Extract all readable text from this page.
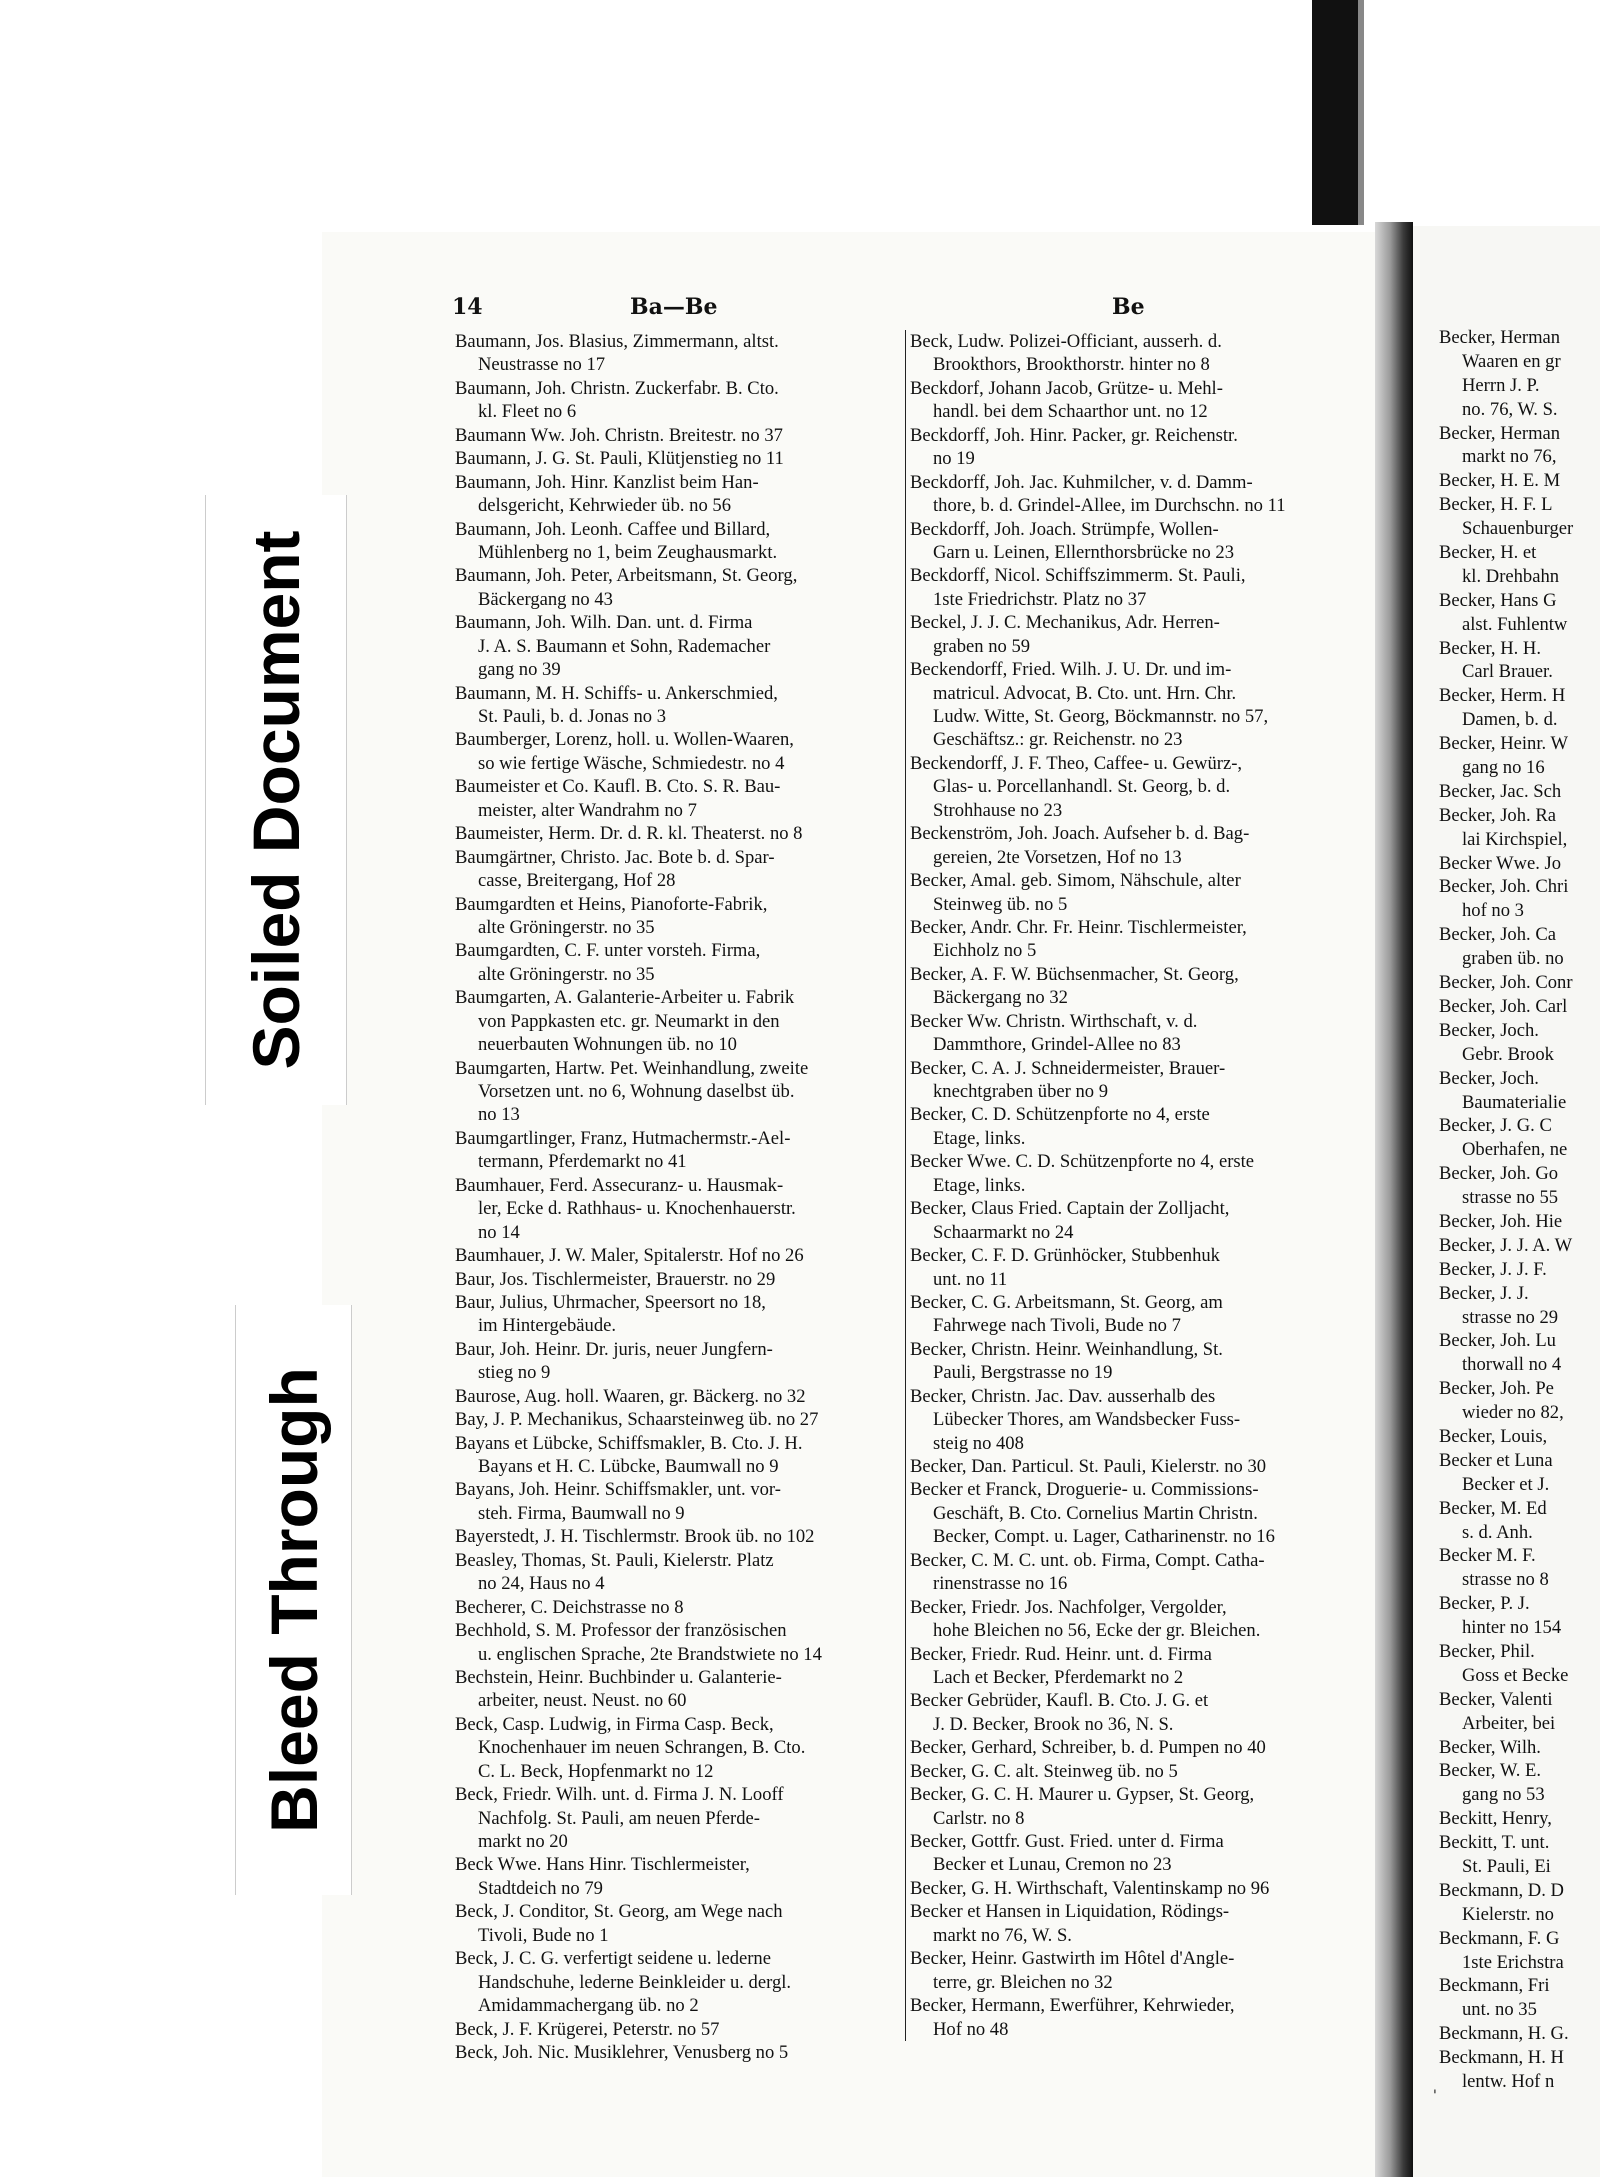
14	Ba—Be	Be
Baumann, Jos. Blasius, Zimmermann, altst.
Neustrasse no 17
Baumann, Joh. Christn. Zuckerfabr. B. Cto.
kl. Fleet no 6
Baumann Ww. Joh. Christn. Breitestr. no 37
Baumann, J. G. St. Pauli, Klütjenstieg no 11
Baumann, Joh. Hinr. Kanzlist beim Han-
delsgericht, Kehrwieder üb. no 56
Baumann, Joh. Leonh. Caffee und Billard,
Mühlenberg no 1, beim Zeughausmarkt.
Baumann, Joh. Peter, Arbeitsmann, St. Georg,
Bäckergang no 43
Baumann, Joh. Wilh. Dan. unt. d. Firma
J. A. S. Baumann et Sohn, Rademacher
gang no 39
Baumann, M. H. Schiffs- u. Ankerschmied,
St. Pauli, b. d. Jonas no 3
Baumberger, Lorenz, holl. u. Wollen-Waaren,
so wie fertige Wäsche, Schmiedestr. no 4
Baumeister et Co. Kaufl. B. Cto. S. R. Bau-
meister, alter Wandrahm no 7
Baumeister, Herm. Dr. d. R. kl. Theaterst. no 8
Baumgärtner, Christo. Jac. Bote b. d. Spar-
casse, Breitergang, Hof 28
Baumgardten et Heins, Pianoforte-Fabrik,
alte Gröningerstr. no 35
Baumgardten, C. F. unter vorsteh. Firma,
alte Gröningerstr. no 35
Baumgarten, A. Galanterie-Arbeiter u. Fabrik
von Pappkasten etc. gr. Neumarkt in den
neuerbauten Wohnungen üb. no 10
Baumgarten, Hartw. Pet. Weinhandlung, zweite
Vorsetzen unt. no 6, Wohnung daselbst üb.
no 13
Baumgartlinger, Franz, Hutmachermstr.-Ael-
termann, Pferdemarkt no 41
Baumhauer, Ferd. Assecuranz- u. Hausmak-
ler, Ecke d. Rathhaus- u. Knochenhauerstr.
no 14
Baumhauer, J. W. Maler, Spitalerstr. Hof no 26
Baur, Jos. Tischlermeister, Brauerstr. no 29
Baur, Julius, Uhrmacher, Speersort no 18,
im Hintergebäude.
Baur, Joh. Heinr. Dr. juris, neuer Jungfern-
stieg no 9
Baurose, Aug. holl. Waaren, gr. Bäckerg. no 32
Bay, J. P. Mechanikus, Schaarsteinweg üb. no 27
Bayans et Lübcke, Schiffsmakler, B. Cto. J. H.
Bayans et H. C. Lübcke, Baumwall no 9
Bayans, Joh. Heinr. Schiffsmakler, unt. vor-
steh. Firma, Baumwall no 9
Bayerstedt, J. H. Tischlermstr. Brook üb. no 102
Beasley, Thomas, St. Pauli, Kielerstr. Platz
no 24, Haus no 4
Becherer, C. Deichstrasse no 8
Bechhold, S. M. Professor der französischen
u. englischen Sprache, 2te Brandstwiete no 14
Bechstein, Heinr. Buchbinder u. Galanterie-
arbeiter, neust. Neust. no 60
Beck, Casp. Ludwig, in Firma Casp. Beck,
Knochenhauer im neuen Schrangen, B. Cto.
C. L. Beck, Hopfenmarkt no 12
Beck, Friedr. Wilh. unt. d. Firma J. N. Looff
Nachfolg. St. Pauli, am neuen Pferde-
markt no 20
Beck Wwe. Hans Hinr. Tischlermeister,
Stadtdeich no 79
Beck, J. Conditor, St. Georg, am Wege nach
Tivoli, Bude no 1
Beck, J. C. G. verfertigt seidene u. lederne
Handschuhe, lederne Beinkleider u. dergl.
Amidammachergang üb. no 2
Beck, J. F. Krügerei, Peterstr. no 57
Beck, Joh. Nic. Musiklehrer, Venusberg no 5
Beck, Ludw. Polizei-Officiant, ausserh. d.
Brookthors, Brookthorstr. hinter no 8
Beckdorf, Johann Jacob, Grütze- u. Mehl-
handl. bei dem Schaarthor unt. no 12
Beckdorff, Joh. Hinr. Packer, gr. Reichenstr.
no 19
Beckdorff, Joh. Jac. Kuhmilcher, v. d. Damm-
thore, b. d. Grindel-Allee, im Durchschn. no 11
Beckdorff, Joh. Joach. Strümpfe, Wollen-
Garn u. Leinen, Ellernthorsbrücke no 23
Beckdorff, Nicol. Schiffszimmerm. St. Pauli,
1ste Friedrichstr. Platz no 37
Beckel, J. J. C. Mechanikus, Adr. Herren-
graben no 59
Beckendorff, Fried. Wilh. J. U. Dr. und im-
matricul. Advocat, B. Cto. unt. Hrn. Chr.
Ludw. Witte, St. Georg, Böckmannstr. no 57,
Geschäftsz.: gr. Reichenstr. no 23
Beckendorff, J. F. Theo, Caffee- u. Gewürz-,
Glas- u. Porcellanhandl. St. Georg, b. d.
Strohhause no 23
Beckenström, Joh. Joach. Aufseher b. d. Bag-
gereien, 2te Vorsetzen, Hof no 13
Becker, Amal. geb. Simom, Nähschule, alter
Steinweg üb. no 5
Becker, Andr. Chr. Fr. Heinr. Tischlermeister,
Eichholz no 5
Becker, A. F. W. Büchsenmacher, St. Georg,
Bäckergang no 32
Becker Ww. Christn. Wirthschaft, v. d.
Dammthore, Grindel-Allee no 83
Becker, C. A. J. Schneidermeister, Brauer-
knechtgraben über no 9
Becker, C. D. Schützenpforte no 4, erste
Etage, links.
Becker Wwe. C. D. Schützenpforte no 4, erste
Etage, links.
Becker, Claus Fried. Captain der Zolljacht,
Schaarmarkt no 24
Becker, C. F. D. Grünhöcker, Stubbenhuk
unt. no 11
Becker, C. G. Arbeitsmann, St. Georg, am
Fahrwege nach Tivoli, Bude no 7
Becker, Christn. Heinr. Weinhandlung, St.
Pauli, Bergstrasse no 19
Becker, Christn. Jac. Dav. ausserhalb des
Lübecker Thores, am Wandsbecker Fuss-
steig no 408
Becker, Dan. Particul. St. Pauli, Kielerstr. no 30
Becker et Franck, Droguerie- u. Commissions-
Geschäft, B. Cto. Cornelius Martin Christn.
Becker, Compt. u. Lager, Catharinenstr. no 16
Becker, C. M. C. unt. ob. Firma, Compt. Catha-
rinenstrasse no 16
Becker, Friedr. Jos. Nachfolger, Vergolder,
hohe Bleichen no 56, Ecke der gr. Bleichen.
Becker, Friedr. Rud. Heinr. unt. d. Firma
Lach et Becker, Pferdemarkt no 2
Becker Gebrüder, Kaufl. B. Cto. J. G. et
J. D. Becker, Brook no 36, N. S.
Becker, Gerhard, Schreiber, b. d. Pumpen no 40
Becker, G. C. alt. Steinweg üb. no 5
Becker, G. C. H. Maurer u. Gypser, St. Georg,
Carlstr. no 8
Becker, Gottfr. Gust. Fried. unter d. Firma
Becker et Lunau, Cremon no 23
Becker, G. H. Wirthschaft, Valentinskamp no 96
Becker et Hansen in Liquidation, Rödings-
markt no 76, W. S.
Becker, Heinr. Gastwirth im Hôtel d'Angle-
terre, gr. Bleichen no 32
Becker, Hermann, Ewerführer, Kehrwieder,
Hof no 48
Becker, Herman
Waaren en gr
Herrn J. P.
no. 76, W. S.
Becker, Herman
markt no 76,
Becker, H. E. M
Becker, H. F. L
Schauenburger
Becker, H. et
kl. Drehbahn
Becker, Hans G
alst. Fuhlentw
Becker, H. H.
Carl Brauer.
Becker, Herm. H
Damen, b. d.
Becker, Heinr. W
gang no 16
Becker, Jac. Sch
Becker, Joh. Ra
lai Kirchspiel,
Becker Wwe. Jo
Becker, Joh. Chri
hof no 3
Becker, Joh. Ca
graben üb. no
Becker, Joh. Conr
Becker, Joh. Carl
Becker, Joch.
Gebr. Brook
Becker, Joch.
Baumaterialie
Becker, J. G. C
Oberhafen, ne
Becker, Joh. Go
strasse no 55
Becker, Joh. Hie
Becker, J. J. A. W
Becker, J. J. F.
Becker, J. J.
strasse no 29
Becker, Joh. Lu
thorwall no 4
Becker, Joh. Pe
wieder no 82,
Becker, Louis,
Becker et Luna
Becker et J.
Becker, M. Ed
s. d. Anh.
Becker M. F.
strasse no 8
Becker, P. J.
hinter no 154
Becker, Phil.
Goss et Becke
Becker, Valenti
Arbeiter, bei
Becker, Wilh.
Becker, W. E.
gang no 53
Beckitt, Henry,
Beckitt, T. unt.
St. Pauli, Ei
Beckmann, D. D
Kielerstr. no
Beckmann, F. G
1ste Erichstra
Beckmann, Fri
unt. no 35
Beckmann, H. G.
Beckmann, H. H
lentw. Hof n
Soiled Document
Bleed Through
'
